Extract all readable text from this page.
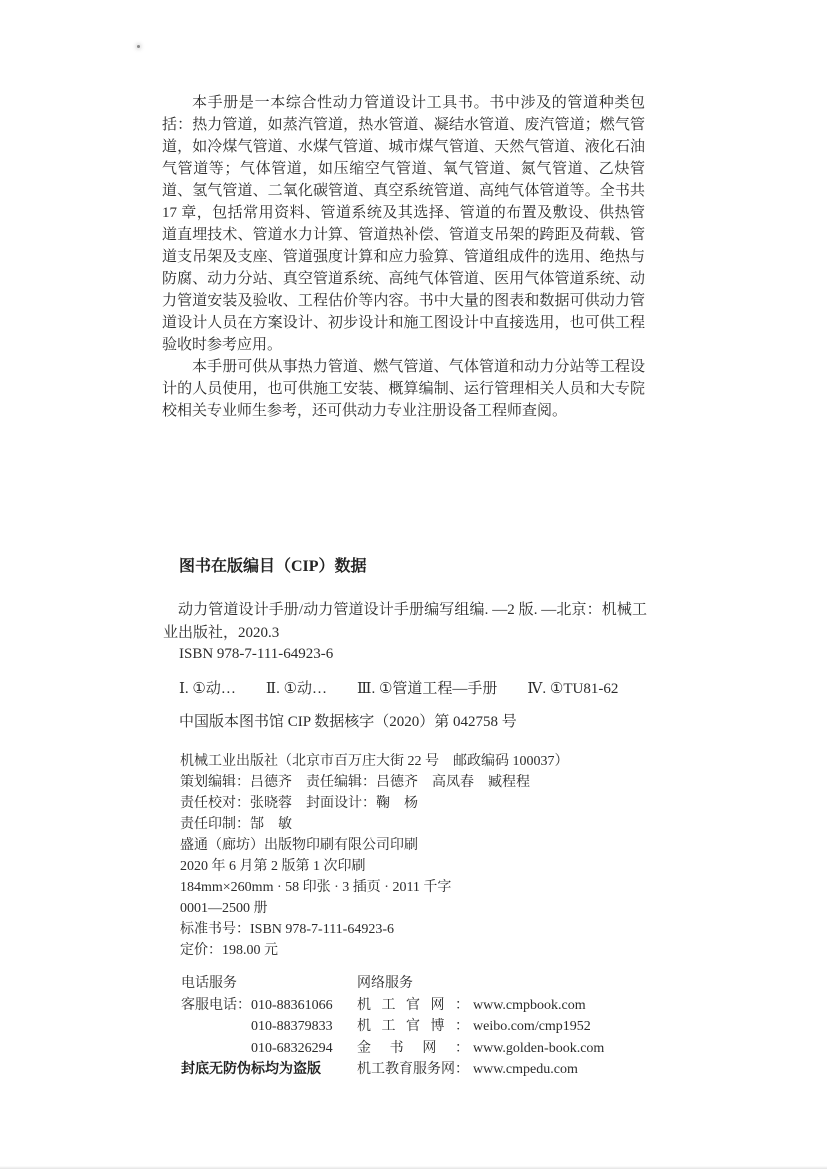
本手册是一本综合性动力管道设计工具书。书中涉及的管道种类包括：热力管道，如蒸汽管道，热水管道、凝结水管道、废汽管道；燃气管道，如冷煤气管道、水煤气管道、城市煤气管道、天然气管道、液化石油气管道等；气体管道，如压缩空气管道、氧气管道、氮气管道、乙炔管道、氢气管道、二氧化碳管道、真空系统管道、高纯气体管道等。全书共 17 章，包括常用资料、管道系统及其选择、管道的布置及敷设、供热管道直埋技术、管道水力计算、管道热补偿、管道支吊架的跨距及荷载、管道支吊架及支座、管道强度计算和应力验算、管道组成件的选用、绝热与防腐、动力分站、真空管道系统、高纯气体管道、医用气体管道系统、动力管道安装及验收、工程估价等内容。书中大量的图表和数据可供动力管道设计人员在方案设计、初步设计和施工图设计中直接选用，也可供工程验收时参考应用。

本手册可供从事热力管道、燃气管道、气体管道和动力分站等工程设计的人员使用，也可供施工安装、概算编制、运行管理相关人员和大专院校相关专业师生参考，还可供动力专业注册设备工程师查阅。

图书在版编目（CIP）数据

动力管道设计手册/动力管道设计手册编写组编. —2 版. —北京：机械工业出版社，2020.3

ISBN 978-7-111-64923-6

Ⅰ. ①动…　　Ⅱ. ①动…　　Ⅲ. ①管道工程—手册　　Ⅳ. ①TU81-62

中国版本图书馆 CIP 数据核字（2020）第 042758 号

机械工业出版社（北京市百万庄大街 22 号　邮政编码 100037）

策划编辑：吕德齐　责任编辑：吕德齐　高凤春　臧程程

责任校对：张晓蓉　封面设计：鞠　杨

责任印制：郜　敏

盛通（廊坊）出版物印刷有限公司印刷

2020 年 6 月第 2 版第 1 次印刷

184mm×260mm · 58 印张 · 3 插页 · 2011 千字

0001—2500 册

标准书号：ISBN 978-7-111-64923-6

定价：198.00 元

电话服务

客服电话：010-88361066

010-88379833

010-68326294

封底无防伪标均为盗版

网络服务

机工官网： www.cmpbook.com

机工官博： weibo.com/cmp1952

金书网： www.golden-book.com

机工教育服务网： www.cmpedu.com
